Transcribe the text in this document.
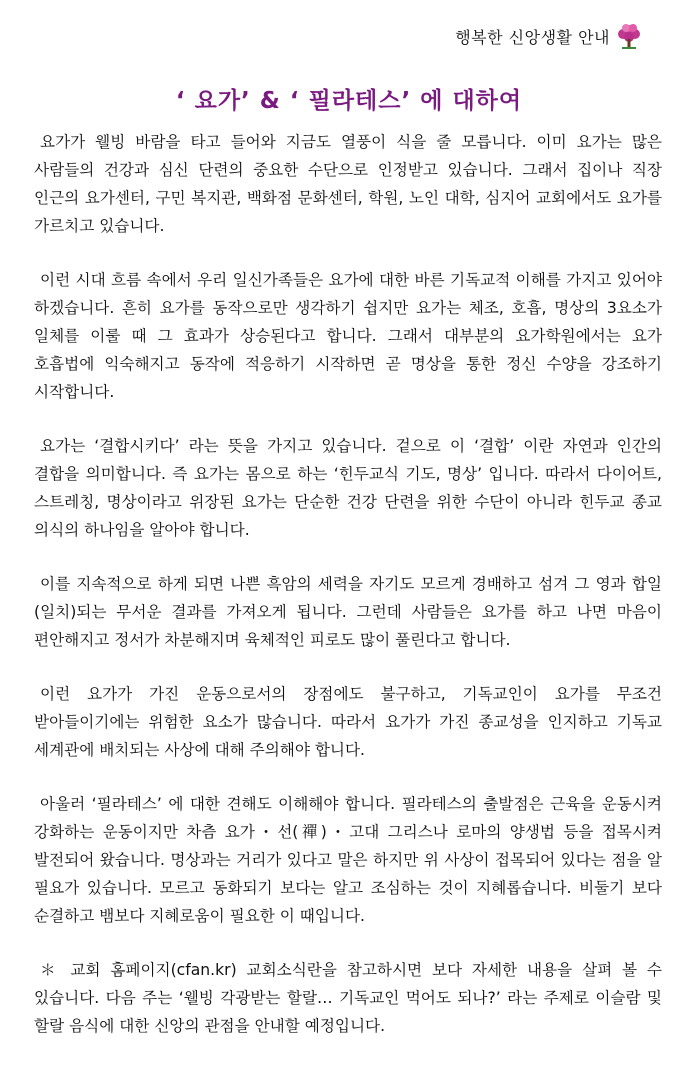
행복한 신앙생활 안내
‘ 요가’ & ‘ 필라테스’ 에 대하여

요가가 웰빙 바람을 타고 들어와 지금도 열풍이 식을 줄 모릅니다. 이미 요가는 많은 사람들의 건강과 심신 단련의 중요한 수단으로 인정받고 있습니다. 그래서 집이나 직장 인근의 요가센터, 구민 복지관, 백화점 문화센터, 학원, 노인 대학, 심지어 교회에서도 요가를 가르치고 있습니다.

이런 시대 흐름 속에서 우리 일신가족들은 요가에 대한 바른 기독교적 이해를 가지고 있어야 하겠습니다. 흔히 요가를 동작으로만 생각하기 쉽지만 요가는 체조, 호흡, 명상의 3요소가 일체를 이룰 때 그 효과가 상승된다고 합니다. 그래서 대부분의 요가학원에서는 요가 호흡법에 익숙해지고 동작에 적응하기 시작하면 곧 명상을 통한 정신 수양을 강조하기 시작합니다.

요가는 ‘결합시키다’ 라는 뜻을 가지고 있습니다. 겉으로 이 ‘결합’ 이란 자연과 인간의 결합을 의미합니다. 즉 요가는 몸으로 하는 ‘힌두교식 기도, 명상’ 입니다. 따라서 다이어트, 스트레칭, 명상이라고 위장된 요가는 단순한 건강 단련을 위한 수단이 아니라 힌두교 종교 의식의 하나임을 알아야 합니다.

이를 지속적으로 하게 되면 나쁜 흑암의 세력을 자기도 모르게 경배하고 섬겨 그 영과 합일(일치)되는 무서운 결과를 가져오게 됩니다. 그런데 사람들은 요가를 하고 나면 마음이 편안해지고 정서가 차분해지며 육체적인 피로도 많이 풀린다고 합니다.

이런 요가가 가진 운동으로서의 장점에도 불구하고, 기독교인이 요가를 무조건 받아들이기에는 위험한 요소가 많습니다. 따라서 요가가 가진 종교성을 인지하고 기독교 세계관에 배치되는 사상에 대해 주의해야 합니다.

아울러 ‘필라테스’ 에 대한 견해도 이해해야 합니다. 필라테스의 출발점은 근육을 운동시켜 강화하는 운동이지만 차츰 요가・선(禪)・고대 그리스나 로마의 양생법 등을 접목시켜 발전되어 왔습니다. 명상과는 거리가 있다고 말은 하지만 위 사상이 접목되어 있다는 점을 알 필요가 있습니다. 모르고 동화되기 보다는 알고 조심하는 것이 지혜롭습니다. 비둘기 보다 순결하고 뱀보다 지혜로움이 필요한 이 때입니다.

＊ 교회 홈페이지(cfan.kr) 교회소식란을 참고하시면 보다 자세한 내용을 살펴 볼 수 있습니다. 다음 주는 ‘웰빙 각광받는 할랄… 기독교인 먹어도 되나?’ 라는 주제로 이슬람 및 할랄 음식에 대한 신앙의 관점을 안내할 예정입니다.
